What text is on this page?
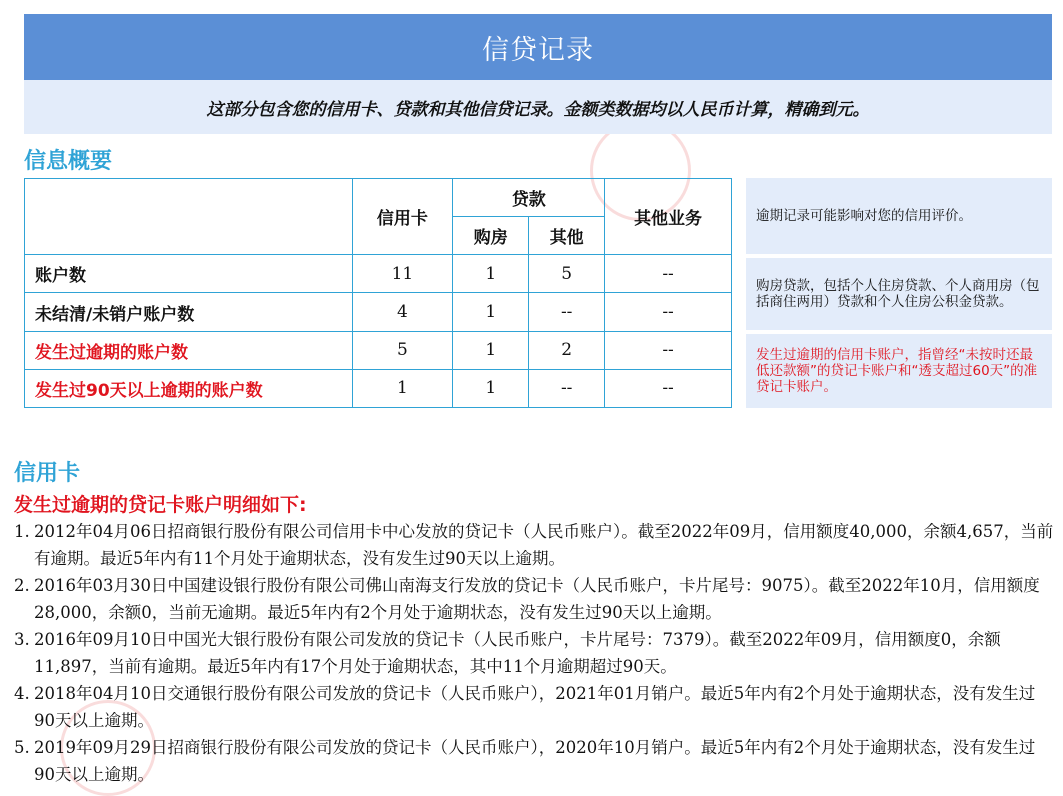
信贷记录
这部分包含您的信用卡、贷款和其他信贷记录。金额类数据均以人民币计算，精确到元。
信息概要
	信用卡	贷款		其他业务
		购房	其他	
账户数	11	1	5	--
未结清/未销户账户数	4	1	--	--
发生过逾期的账户数	5	1	2	--
发生过90天以上逾期的账户数	1	1	--	--
逾期记录可能影响对您的信用评价。
购房贷款，包括个人住房贷款、个人商用房（包括商住两用）贷款和个人住房公积金贷款。
发生过逾期的信用卡账户，指曾经“未按时还最低还款额”的贷记卡账户和“透支超过60天”的准贷记卡账户。
信用卡
发生过逾期的贷记卡账户明细如下:
1. 2012年04月06日招商银行股份有限公司信用卡中心发放的贷记卡（人民币账户）。截至2022年09月，信用额度40,000，余额4,657，当前有逾期。最近5年内有11个月处于逾期状态，没有发生过90天以上逾期。
2. 2016年03月30日中国建设银行股份有限公司佛山南海支行发放的贷记卡（人民币账户，卡片尾号：9075）。截至2022年10月，信用额度28,000，余额0，当前无逾期。最近5年内有2个月处于逾期状态，没有发生过90天以上逾期。
3. 2016年09月10日中国光大银行股份有限公司发放的贷记卡（人民币账户，卡片尾号：7379）。截至2022年09月，信用额度0，余额11,897，当前有逾期。最近5年内有17个月处于逾期状态，其中11个月逾期超过90天。
4. 2018年04月10日交通银行股份有限公司发放的贷记卡（人民币账户），2021年01月销户。最近5年内有2个月处于逾期状态，没有发生过90天以上逾期。
5. 2019年09月29日招商银行股份有限公司发放的贷记卡（人民币账户），2020年10月销户。最近5年内有2个月处于逾期状态，没有发生过90天以上逾期。
